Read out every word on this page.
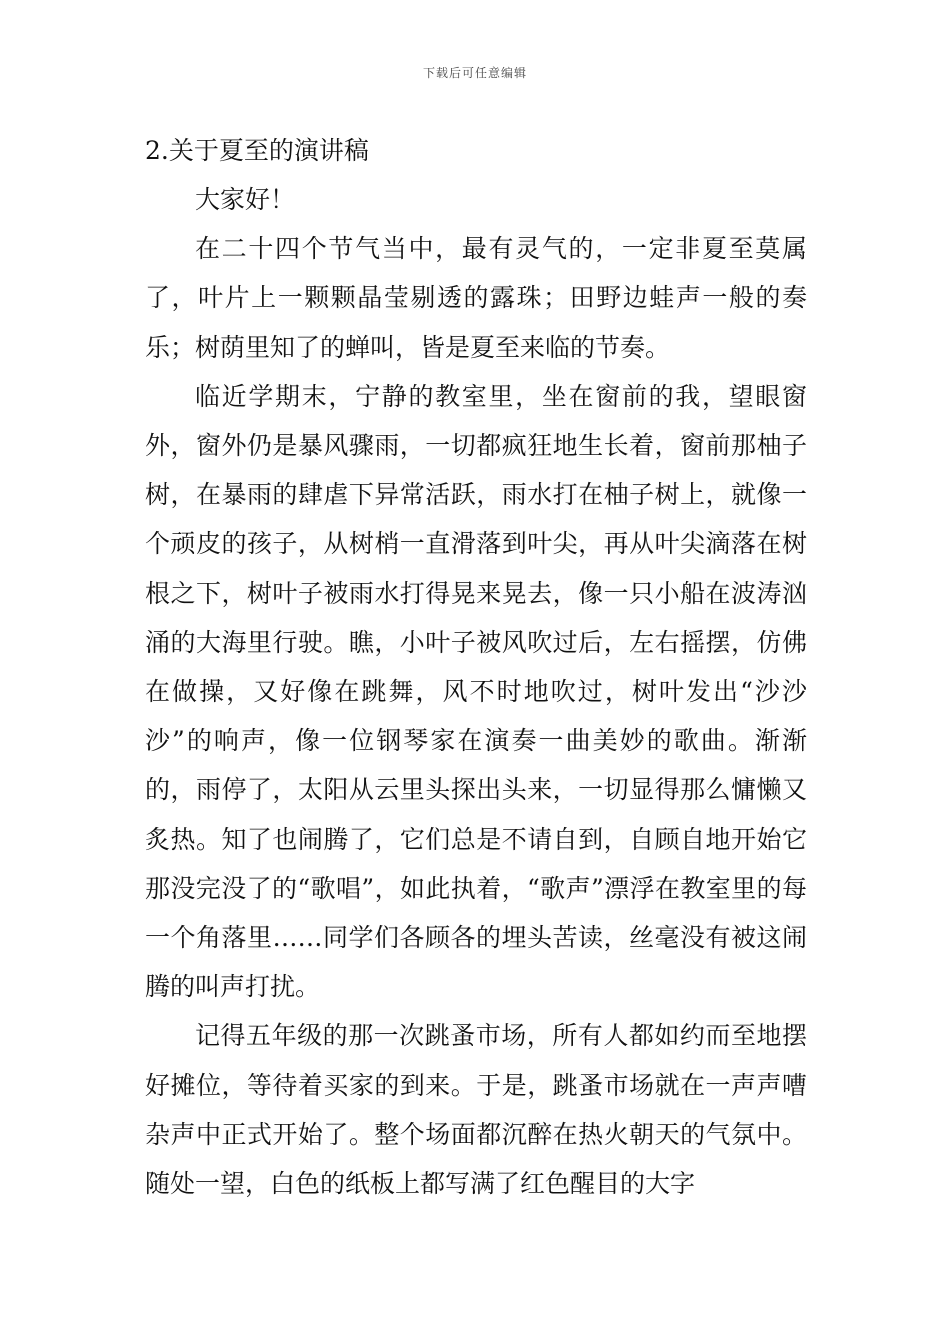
下载后可任意编辑
2.关于夏至的演讲稿

大家好！

在二十四个节气当中，最有灵气的，一定非夏至莫属了，叶片上一颗颗晶莹剔透的露珠；田野边蛙声一般的奏乐；树荫里知了的蝉叫，皆是夏至来临的节奏。

临近学期末，宁静的教室里，坐在窗前的我，望眼窗外，窗外仍是暴风骤雨，一切都疯狂地生长着，窗前那柚子树，在暴雨的肆虐下异常活跃，雨水打在柚子树上，就像一个顽皮的孩子，从树梢一直滑落到叶尖，再从叶尖滴落在树根之下，树叶子被雨水打得晃来晃去，像一只小船在波涛汹涌的大海里行驶。瞧，小叶子被风吹过后，左右摇摆，仿佛在做操，又好像在跳舞，风不时地吹过，树叶发出“沙沙沙”的响声，像一位钢琴家在演奏一曲美妙的歌曲。渐渐的，雨停了，太阳从云里头探出头来，一切显得那么慵懒又炙热。知了也闹腾了，它们总是不请自到，自顾自地开始它那没完没了的“歌唱”，如此执着，“歌声”漂浮在教室里的每一个角落里……同学们各顾各的埋头苦读，丝毫没有被这闹腾的叫声打扰。

记得五年级的那一次跳蚤市场，所有人都如约而至地摆好摊位，等待着买家的到来。于是，跳蚤市场就在一声声嘈杂声中正式开始了。整个场面都沉醉在热火朝天的气氛中。随处一望，白色的纸板上都写满了红色醒目的大字
